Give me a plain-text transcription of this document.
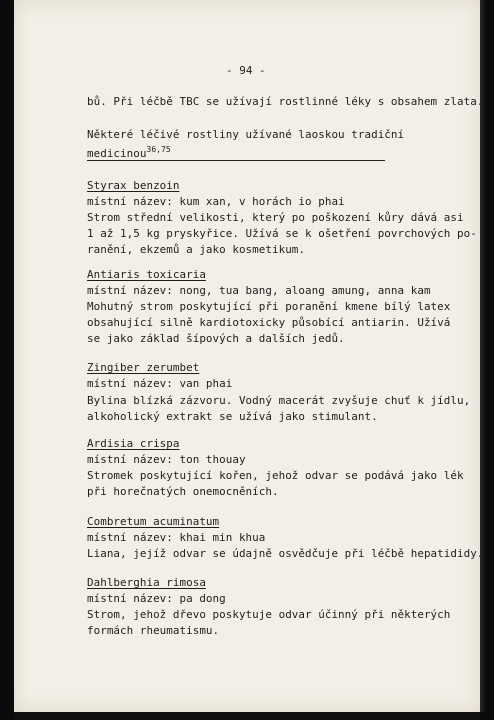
- 94 -
bů. Při léčbě TBC se užívají rostlinné léky s obsahem zlata.
Některé léčivé rostliny užívané laoskou tradiční
medicinou$^{36,75}$
Styrax benzoin
místní název: kum xan, v horách io phai
Strom střední velikosti, který po poškození kůry dává asi
1 až 1,5 kg pryskyřice. Užívá se k ošetření povrchových po-
ranění, ekzemů a jako kosmetikum.
Antiaris toxicaria
místní název: nong, tua bang, aloang amung, anna kam
Mohutný strom poskytující při poranění kmene bílý latex
obsahující silně kardiotoxicky působící antiarin. Užívá
se jako základ šípových a dalších jedů.
Zingiber zerumbet
místní název: van phai
Bylina blízká zázvoru. Vodný macerát zvyšuje chuť k jídlu,
alkoholický extrakt se užívá jako stimulant.
Ardisia crispa
místní název: ton thouay
Stromek poskytující kořen, jehož odvar se podává jako lék
při horečnatých onemocněních.
Combretum acuminatum
místní název: khai min khua
Liana, jejíž odvar se údajně osvědčuje při léčbě hepatididy.
Dahlberghia rimosa
místní název: pa dong
Strom, jehož dřevo poskytuje odvar účinný při některých
formách rheumatismu.
